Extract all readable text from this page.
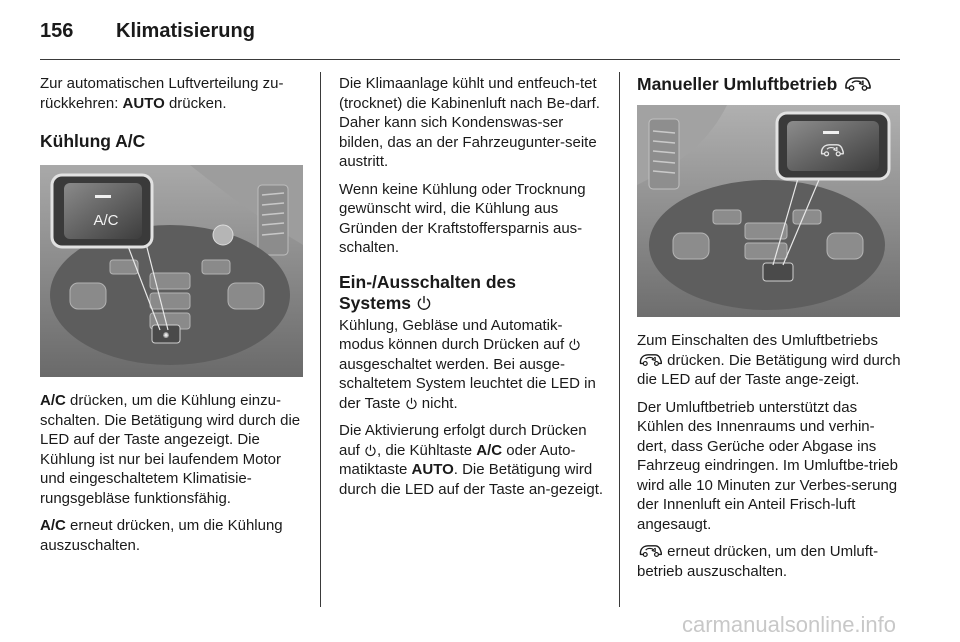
156 Klimatisierung

Zur automatischen Luftverteilung zu-rückkehren: AUTO drücken.

Kühlung A/C
✺
A/C

A/C drücken, um die Kühlung einzu-schalten. Die Betätigung wird durch die LED auf der Taste angezeigt. Die Kühlung ist nur bei laufendem Motor und eingeschaltetem Klimatisie-rungsgebläse funktionsfähig.

A/C erneut drücken, um die Kühlung auszuschalten.

Die Klimaanlage kühlt und entfeuch-tet (trocknet) die Kabinenluft nach Be-darf. Daher kann sich Kondenswas-ser bilden, das an der Fahrzeugunter-seite austritt.

Wenn keine Kühlung oder Trocknung gewünscht wird, die Kühlung aus Gründen der Kraftstoffersparnis aus-schalten.

Ein-/Ausschalten des
Systems

Kühlung, Gebläse und Automatik-modus können durch Drücken auf  ausgeschaltet werden. Bei ausge-schaltetem System leuchtet die LED in der Taste  nicht.

Die Aktivierung erfolgt durch Drücken auf , die Kühltaste A/C oder Auto-matiktaste AUTO. Die Betätigung wird durch die LED auf der Taste an-gezeigt.

Manueller Umluftbetrieb

Zum Einschalten des Umluftbetriebs
drücken. Die Betätigung wird durch die LED auf der Taste ange-zeigt.

Der Umluftbetrieb unterstützt das Kühlen des Innenraums und verhin-dert, dass Gerüche oder Abgase ins Fahrzeug eindringen. Im Umluftbe-trieb wird alle 10 Minuten zur Verbes-serung der Innenluft ein Anteil Frisch-luft angesaugt.

erneut drücken, um den Umluft-betrieb auszuschalten.

carmanualsonline.info
